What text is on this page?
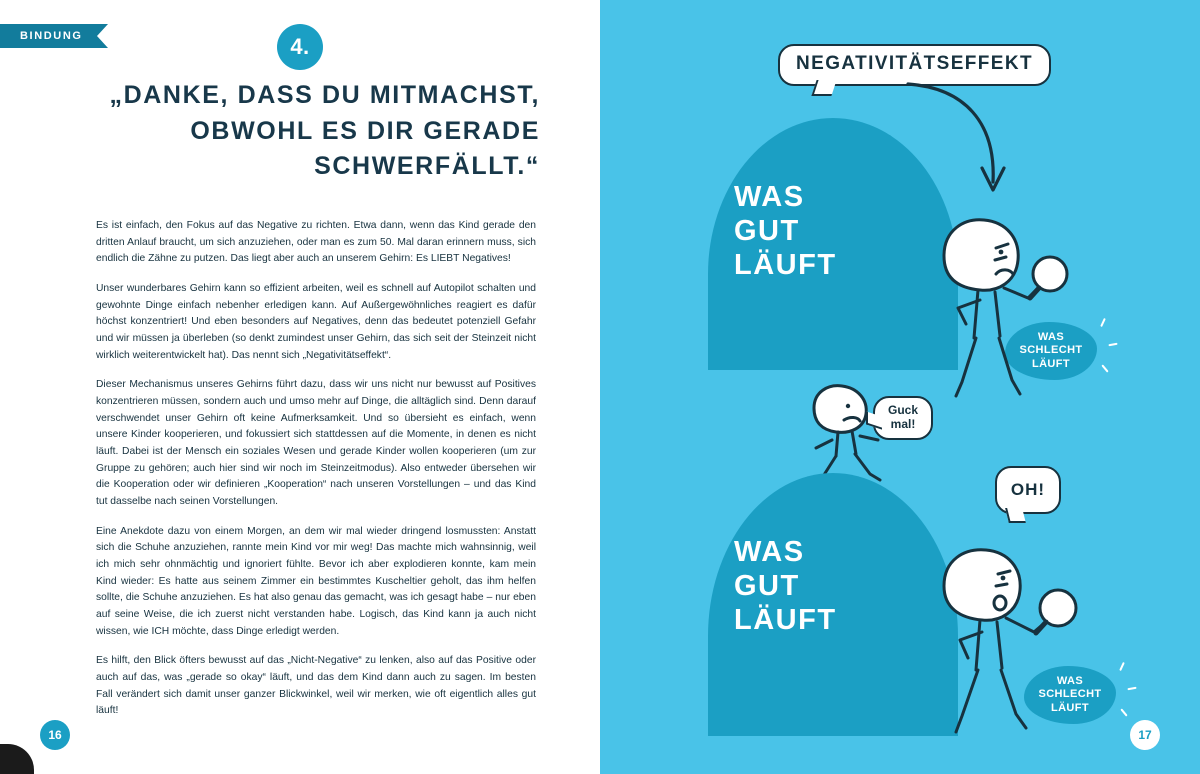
BINDUNG	4.
„DANKE, DASS DU MITMACHST,
OBWOHL ES DIR GERADE
SCHWERFÄLLT.“

Es ist einfach, den Fokus auf das Negative zu richten. Etwa dann, wenn das Kind gerade den dritten Anlauf braucht, um sich anzuziehen, oder man es zum 50. Mal daran erinnern muss, sich endlich die Zähne zu putzen. Das liegt aber auch an unserem Gehirn: Es LIEBT Negatives!

Unser wunderbares Gehirn kann so effizient arbeiten, weil es schnell auf Autopilot schalten und gewohnte Dinge einfach nebenher erledigen kann. Auf Außergewöhnliches reagiert es dafür höchst konzentriert! Und eben besonders auf Negatives, denn das bedeutet potenziell Gefahr und wir müssen ja überleben (so denkt zumindest unser Gehirn, das sich seit der Steinzeit nicht wirklich weiterentwickelt hat). Das nennt sich „Negativitätseffekt“.

Dieser Mechanismus unseres Gehirns führt dazu, dass wir uns nicht nur bewusst auf Positives konzentrieren müssen, sondern auch und umso mehr auf Dinge, die alltäglich sind. Denn darauf verschwendet unser Gehirn oft keine Aufmerksamkeit. Und so übersieht es einfach, wenn unsere Kinder kooperieren, und fokussiert sich stattdessen auf die Momente, in denen es nicht läuft. Dabei ist der Mensch ein soziales Wesen und gerade Kinder wollen kooperieren (um zur Gruppe zu gehören; auch hier sind wir noch im Steinzeitmodus). Also entweder übersehen wir die Kooperation oder wir definieren „Kooperation“ nach unseren Vorstellungen – und das Kind tut dasselbe nach seinen Vorstellungen.

Eine Anekdote dazu von einem Morgen, an dem wir mal wieder dringend losmussten: Anstatt sich die Schuhe anzuziehen, rannte mein Kind vor mir weg! Das machte mich wahnsinnig, weil ich mich sehr ohnmächtig und ignoriert fühlte. Bevor ich aber explodieren konnte, kam mein Kind wieder: Es hatte aus seinem Zimmer ein bestimmtes Kuscheltier geholt, das ihm helfen sollte, die Schuhe anzuziehen. Es hat also genau das gemacht, was ich gesagt habe – nur eben auf seine Weise, die ich zuerst nicht verstanden habe. Logisch, das Kind kann ja auch nicht wissen, wie ICH möchte, dass Dinge erledigt werden.

Es hilft, den Blick öfters bewusst auf das „Nicht-Negative“ zu lenken, also auf das Positive oder auch auf das, was „gerade so okay“ läuft, und das dem Kind dann auch zu sagen. Im besten Fall verändert sich damit unser ganzer Blickwinkel, weil wir merken, wie oft eigentlich alles gut läuft!

16
NEGATIVITÄTSEFFEKT
WAS
GUT
LÄUFT
WAS
SCHLECHT
LÄUFT
Guck mal!
WAS
GUT
LÄUFT
OH!
WAS
SCHLECHT
LÄUFT
17
